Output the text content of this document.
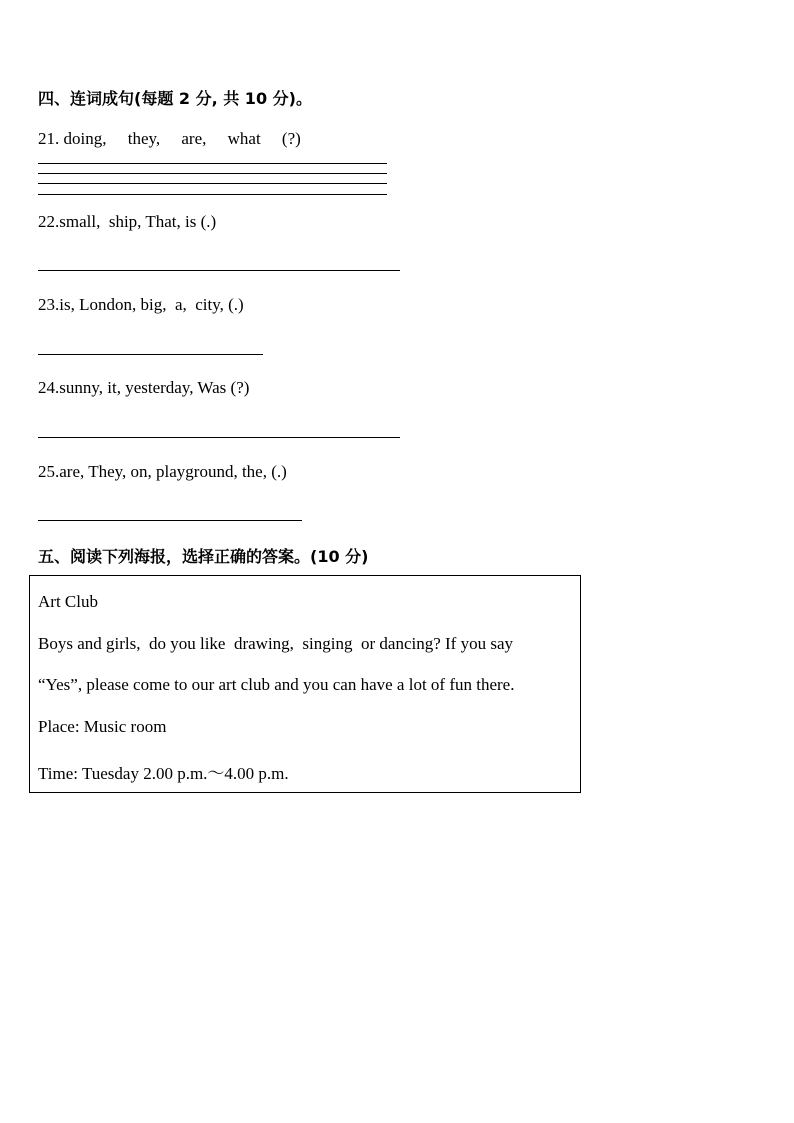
四、连词成句(每题 2 分, 共 10 分)。
21. doing,     they,     are,     what     (?)
22.small,  ship, That, is (.)
23.is, London, big,  a,  city, (.)
24.sunny, it, yesterday, Was (?)
25.are, They, on, playground, the, (.)
五、阅读下列海报，选择正确的答案。(10 分)
Art Club
Boys and girls,  do you like  drawing,  singing  or dancing? If you say
“Yes”, please come to our art club and you can have a lot of fun there.
Place: Music room
Time: Tuesday 2.00 p.m.～4.00 p.m.
